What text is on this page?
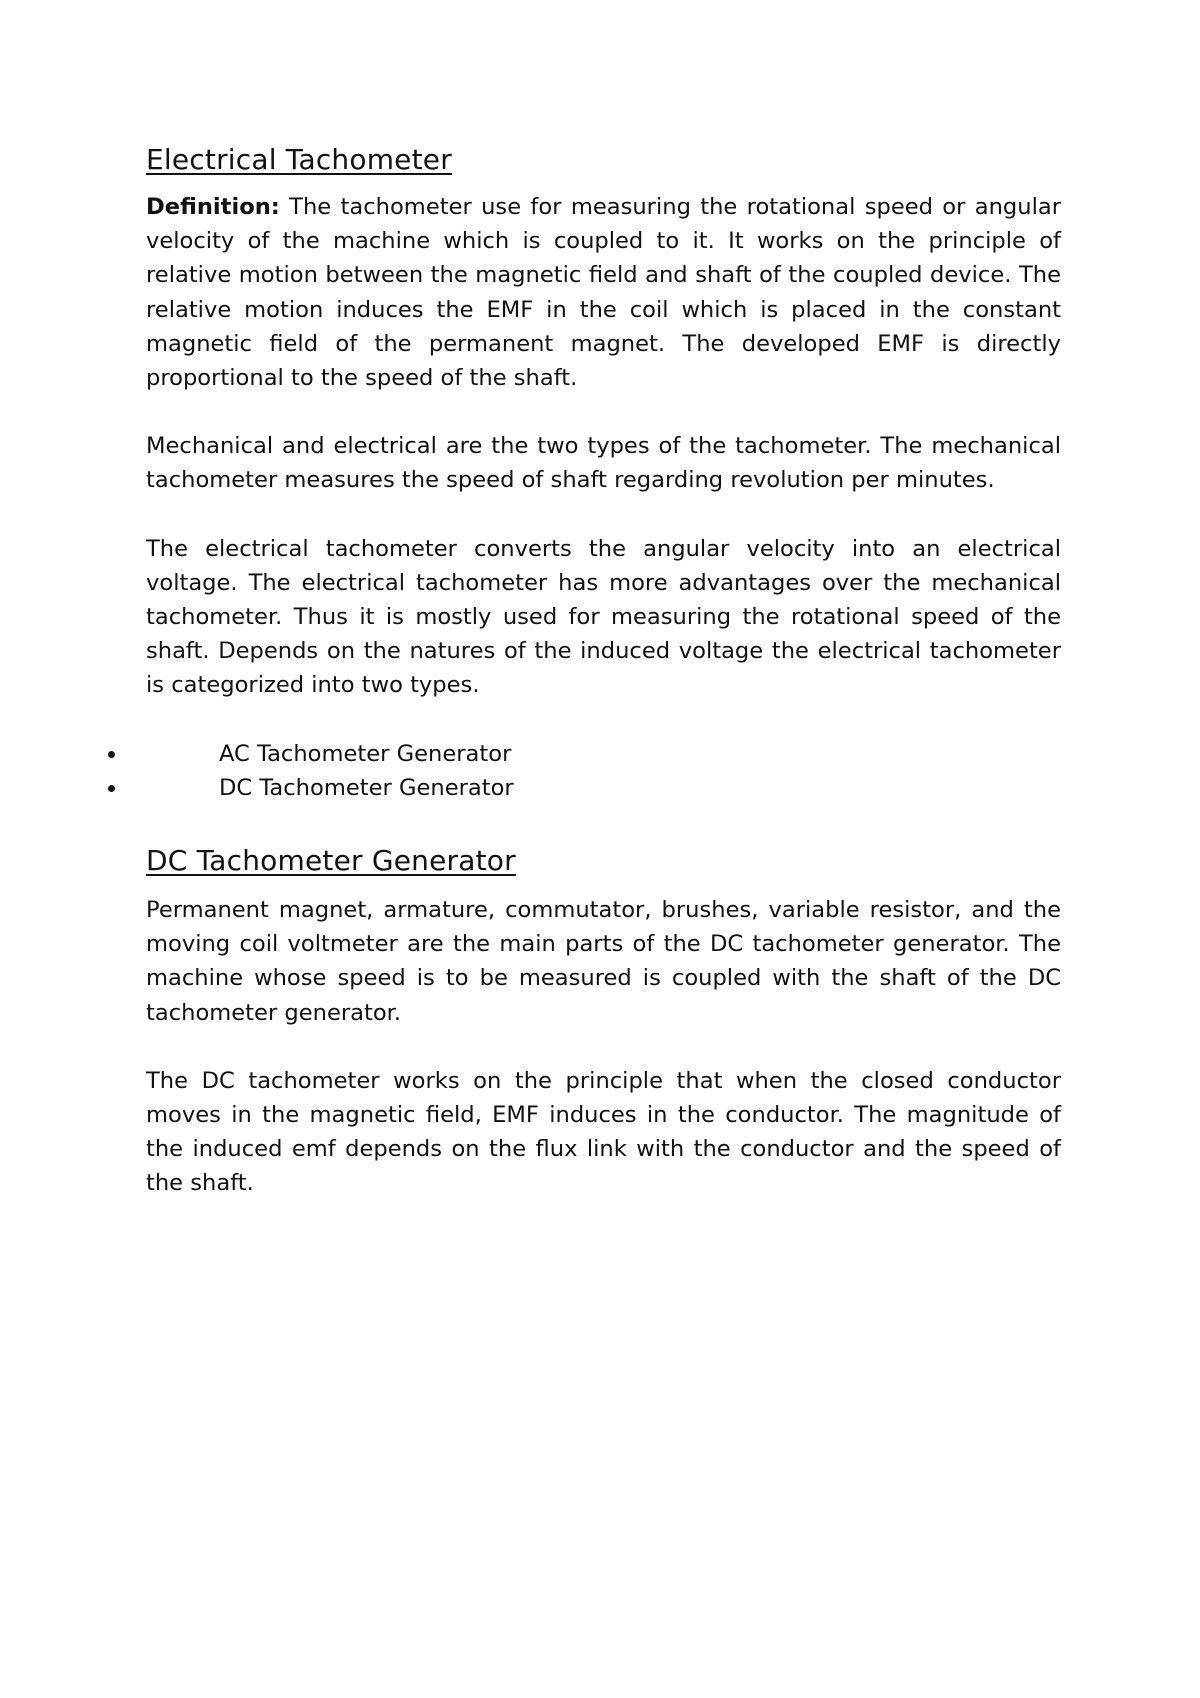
Electrical Tachometer

Definition: The tachometer use for measuring the rotational speed or angular velocity of the machine which is coupled to it. It works on the principle of relative motion between the magnetic field and shaft of the coupled device. The relative motion induces the EMF in the coil which is placed in the constant magnetic field of the permanent magnet. The developed EMF is directly proportional to the speed of the shaft.

Mechanical and electrical are the two types of the tachometer. The mechanical tachometer measures the speed of shaft regarding revolution per minutes.

The electrical tachometer converts the angular velocity into an electrical voltage. The electrical tachometer has more advantages over the mechanical tachometer. Thus it is mostly used for measuring the rotational speed of the shaft. Depends on the natures of the induced voltage the electrical tachometer is categorized into two types.

AC Tachometer Generator
DC Tachometer Generator
DC Tachometer Generator

Permanent magnet, armature, commutator, brushes, variable resistor, and the moving coil voltmeter are the main parts of the DC tachometer generator. The machine whose speed is to be measured is coupled with the shaft of the DC tachometer generator.

The DC tachometer works on the principle that when the closed conductor moves in the magnetic field, EMF induces in the conductor. The magnitude of the induced emf depends on the flux link with the conductor and the speed of the shaft.
